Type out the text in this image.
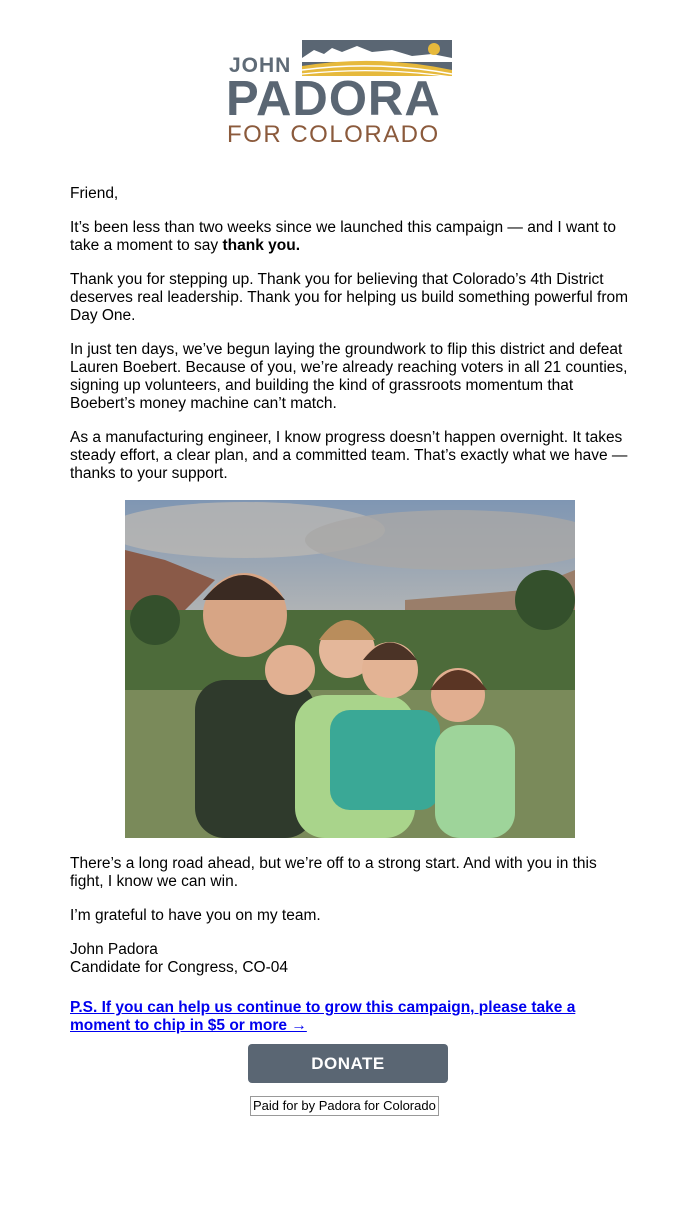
JOHN
PADORA
FOR COLORADO

Friend,

It’s been less than two weeks since we launched this campaign — and I want to take a moment to say thank you.

Thank you for stepping up. Thank you for believing that Colorado’s 4th District deserves real leadership. Thank you for helping us build something powerful from Day One.

In just ten days, we’ve begun laying the groundwork to flip this district and defeat Lauren Boebert. Because of you, we’re already reaching voters in all 21 counties, signing up volunteers, and building the kind of grassroots momentum that Boebert’s money machine can’t match.

As a manufacturing engineer, I know progress doesn’t happen overnight. It takes steady effort, a clear plan, and a committed team. That’s exactly what we have — thanks to your support.

There’s a long road ahead, but we’re off to a strong start. And with you in this fight, I know we can win.

I’m grateful to have you on my team.

John Padora
Candidate for Congress, CO-04

P.S. If you can help us continue to grow this campaign, please take a moment to chip in $5 or more →

DONATE
Paid for by Padora for Colorado
